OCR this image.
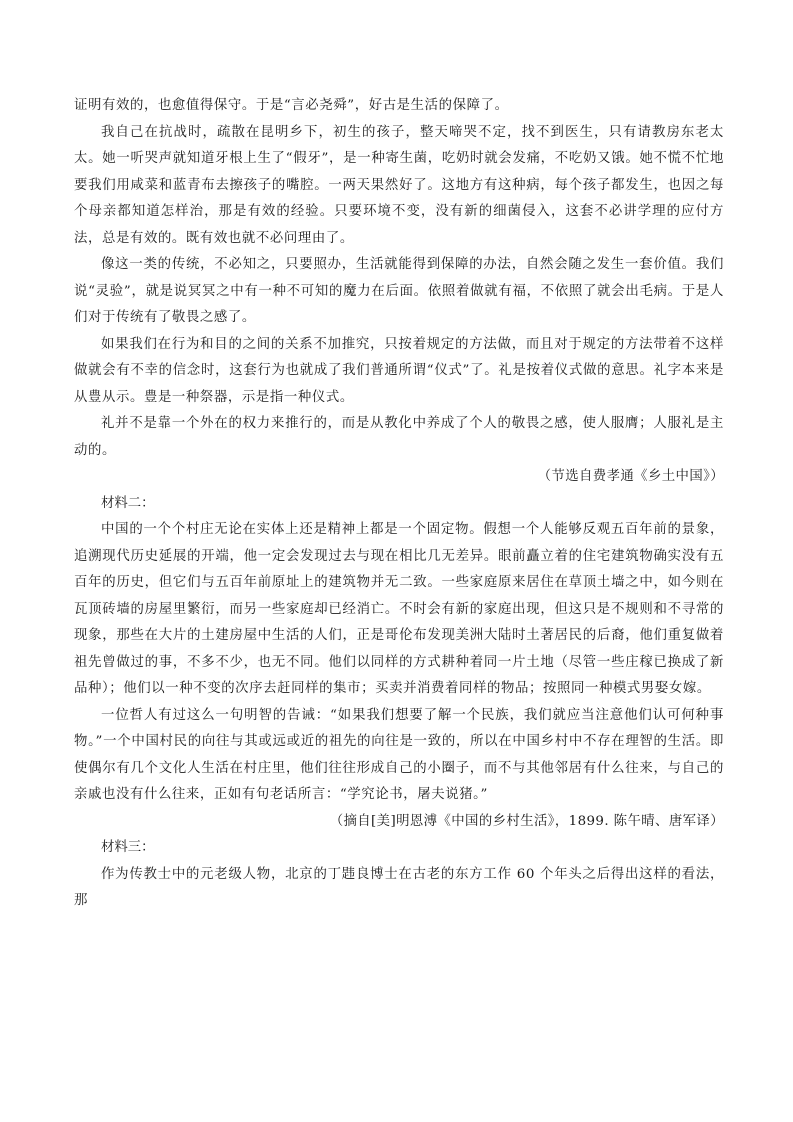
证明有效的，也愈值得保守。于是“言必尧舜”，好古是生活的保障了。

我自己在抗战时，疏散在昆明乡下，初生的孩子，整天啼哭不定，找不到医生，只有请教房东老太太。她一听哭声就知道牙根上生了“假牙”，是一种寄生菌，吃奶时就会发痛，不吃奶又饿。她不慌不忙地要我们用咸菜和蓝青布去擦孩子的嘴腔。一两天果然好了。这地方有这种病，每个孩子都发生，也因之每个母亲都知道怎样治，那是有效的经验。只要环境不变，没有新的细菌侵入，这套不必讲学理的应付方法，总是有效的。既有效也就不必问理由了。

像这一类的传统，不必知之，只要照办，生活就能得到保障的办法，自然会随之发生一套价值。我们说“灵验”，就是说冥冥之中有一种不可知的魔力在后面。依照着做就有福，不依照了就会出毛病。于是人们对于传统有了敬畏之感了。

如果我们在行为和目的之间的关系不加推究，只按着规定的方法做，而且对于规定的方法带着不这样做就会有不幸的信念时，这套行为也就成了我们普通所谓“仪式”了。礼是按着仪式做的意思。礼字本来是从豊从示。豊是一种祭器，示是指一种仪式。

礼并不是靠一个外在的权力来推行的，而是从教化中养成了个人的敬畏之感，使人服膺；人服礼是主动的。

（节选自费孝通《乡土中国》）

材料二：

中国的一个个村庄无论在实体上还是精神上都是一个固定物。假想一个人能够反观五百年前的景象，追溯现代历史延展的开端，他一定会发现过去与现在相比几无差异。眼前矗立着的住宅建筑物确实没有五百年的历史，但它们与五百年前原址上的建筑物并无二致。一些家庭原来居住在草顶土墙之中，如今则在瓦顶砖墙的房屋里繁衍，而另一些家庭却已经消亡。不时会有新的家庭出现，但这只是不规则和不寻常的现象，那些在大片的土建房屋中生活的人们，正是哥伦布发现美洲大陆时土著居民的后裔，他们重复做着祖先曾做过的事，不多不少，也无不同。他们以同样的方式耕种着同一片土地（尽管一些庄稼已换成了新品种）；他们以一种不变的次序去赶同样的集市；买卖并消费着同样的物品；按照同一种模式男娶女嫁。

一位哲人有过这么一句明智的告诫：“如果我们想要了解一个民族，我们就应当注意他们认可何种事物。”一个中国村民的向往与其或远或近的祖先的向往是一致的，所以在中国乡村中不存在理智的生活。即使偶尔有几个文化人生活在村庄里，他们往往形成自己的小圈子，而不与其他邻居有什么往来，与自己的亲戚也没有什么往来，正如有句老话所言：“学究论书，屠夫说猪。”

（摘自[美]明恩溥《中国的乡村生活》，1899. 陈午晴、唐军译）

材料三：

作为传教士中的元老级人物，北京的丁韪良博士在古老的东方工作 60 个年头之后得出这样的看法，那
